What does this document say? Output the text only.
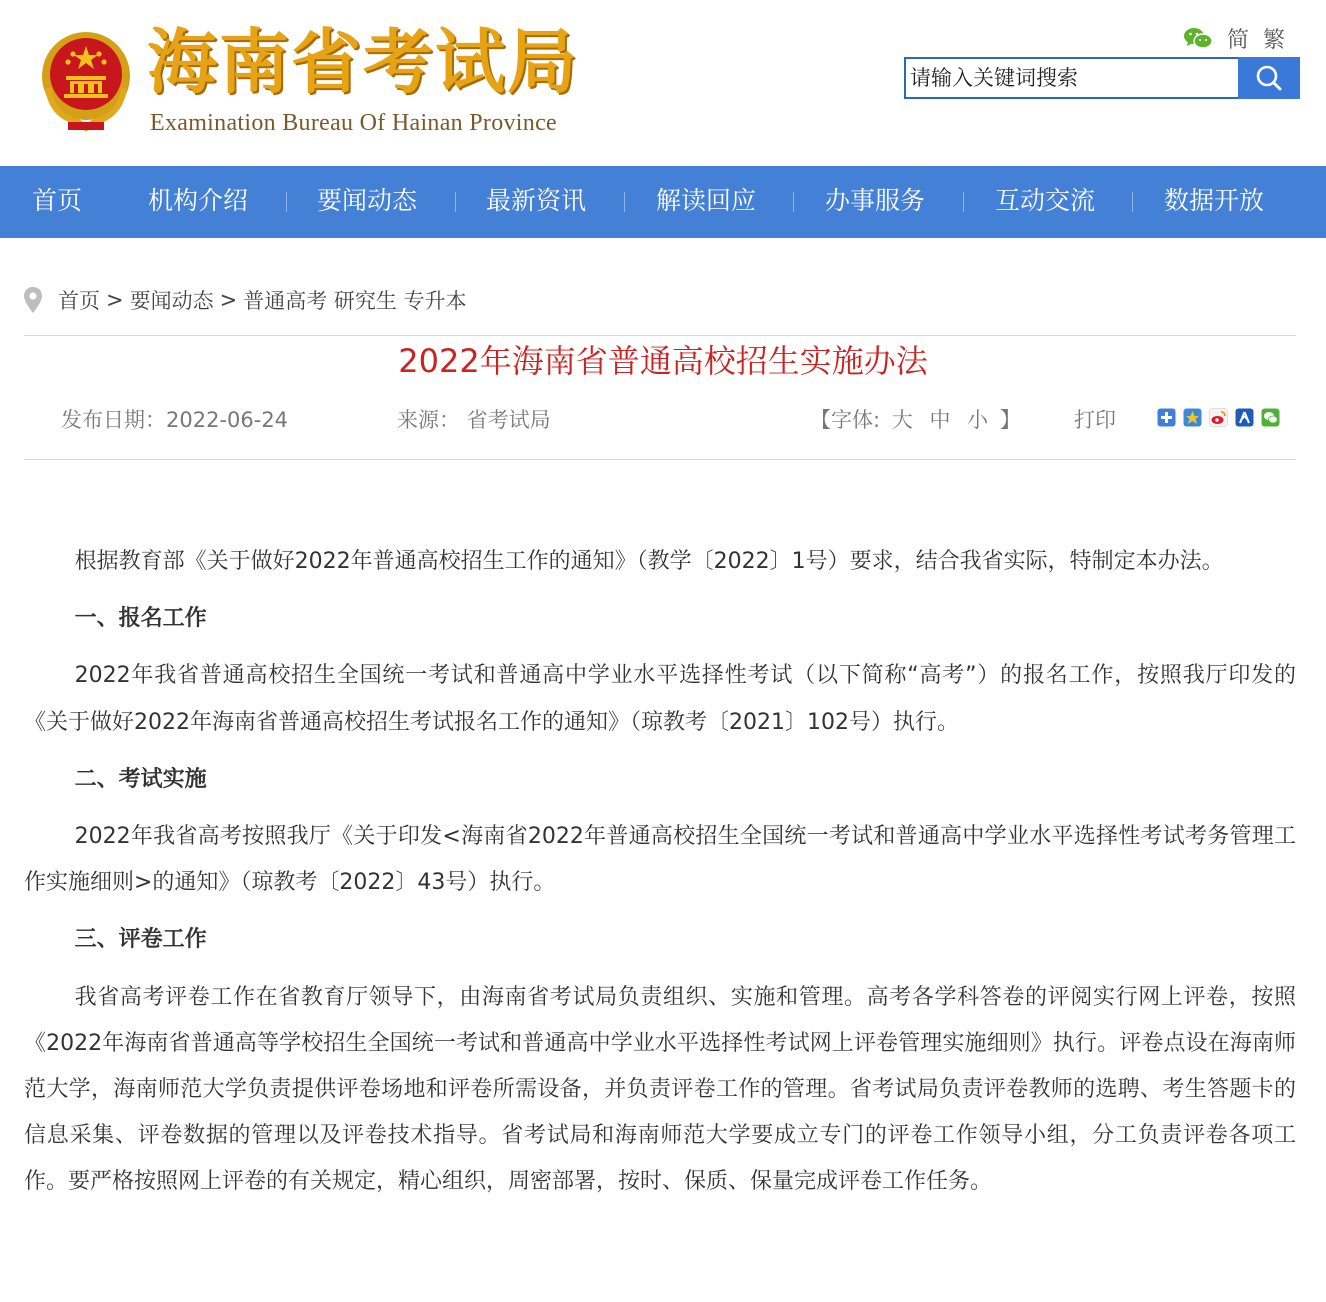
海南省考试局
Examination Bureau Of Hainan Province
简 繁
请输入关键词搜索
首页	机构介绍	要闻动态	最新资讯	解读回应	办事服务	互动交流	数据开放
首页 > 要闻动态 > 普通高考 研究生 专升本
2022年海南省普通高校招生实施办法
发布日期：2022-06-24	来源： 省考试局	【字体: 大 中 小 】	打印

根据教育部《关于做好2022年普通高校招生工作的通知》（教学〔2022〕1号）要求，结合我省实际，特制定本办法。

一、报名工作

2022年我省普通高校招生全国统一考试和普通高中学业水平选择性考试（以下简称“高考”）的报名工作，按照我厅印发的《关于做好2022年海南省普通高校招生考试报名工作的通知》（琼教考〔2021〕102号）执行。

二、考试实施

2022年我省高考按照我厅《关于印发<海南省2022年普通高校招生全国统一考试和普通高中学业水平选择性考试考务管理工作实施细则>的通知》（琼教考〔2022〕43号）执行。

三、评卷工作

我省高考评卷工作在省教育厅领导下，由海南省考试局负责组织、实施和管理。高考各学科答卷的评阅实行网上评卷，按照《2022年海南省普通高等学校招生全国统一考试和普通高中学业水平选择性考试网上评卷管理实施细则》执行。评卷点设在海南师范大学，海南师范大学负责提供评卷场地和评卷所需设备，并负责评卷工作的管理。省考试局负责评卷教师的选聘、考生答题卡的信息采集、评卷数据的管理以及评卷技术指导。省考试局和海南师范大学要成立专门的评卷工作领导小组，分工负责评卷各项工作。要严格按照网上评卷的有关规定，精心组织，周密部署，按时、保质、保量完成评卷工作任务。
